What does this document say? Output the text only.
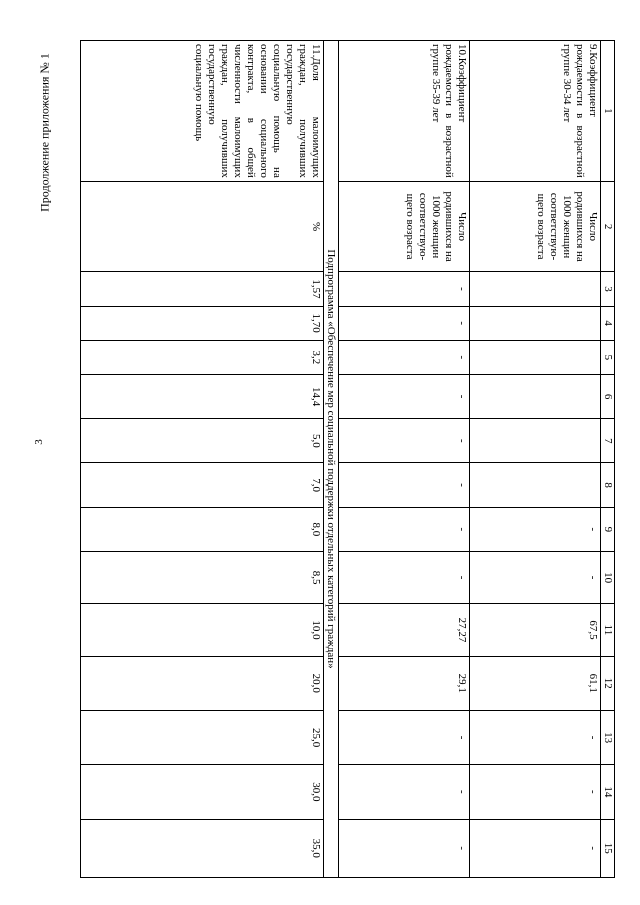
3
Продолжение приложения № 1	1	2	3	4	5	6	7	8	9	10	11	12	13	14	15
9.Коэффициент рождаемости в возрастной группе 30-34 лет	Число родившихся на 1000 женщин соответствую-щего возраста							-	-	67,5	61,1	-	-	-
10.Коэффициент рождаемости в возрастной группе 35-39 лет	Число родившихся на 1000 женщин соответствую-щего возраста	-	-	-	-	-	-	-	-	27,27	29,1	-	-	-
Подпрограмма «Обеспечение мер социальной поддержки отдельных категорий граждан»														
11.Доля малоимущих граждан, получивших государственную социальную помощь на основании социального контракта, в общей численности малоимущих граждан, получивших государственную социальную помощь	%	1,57	1,70	3,2	14,4	5,0	7,0	8,0	8,5	10,0	20,0	25,0	30,0	35,0
